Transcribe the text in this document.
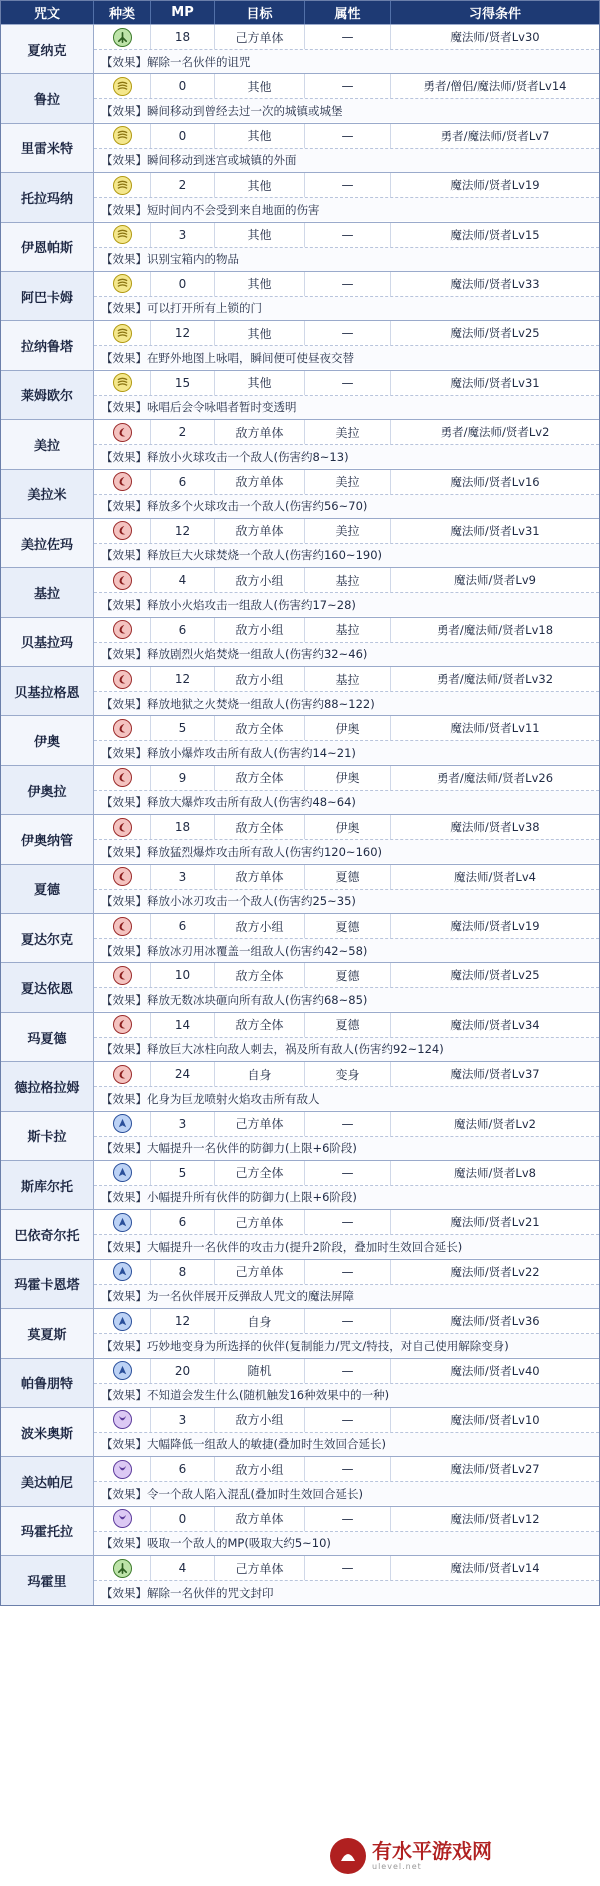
咒文	种类	MP	目标	属性	习得条件
夏纳克
18	己方单体	—	魔法师/贤者Lv30
【效果】 解除一名伙伴的诅咒
鲁拉
0	其他	—	勇者/僧侣/魔法师/贤者Lv14
【效果】 瞬间移动到曾经去过一次的城镇或城堡
里雷米特
0	其他	—	勇者/魔法师/贤者Lv7
【效果】 瞬间移动到迷宫或城镇的外面
托拉玛纳
2	其他	—	魔法师/贤者Lv19
【效果】 短时间内不会受到来自地面的伤害
伊恩帕斯
3	其他	—	魔法师/贤者Lv15
【效果】 识别宝箱内的物品
阿巴卡姆
0	其他	—	魔法师/贤者Lv33
【效果】 可以打开所有上锁的门
拉纳鲁塔
12	其他	—	魔法师/贤者Lv25
【效果】 在野外地图上咏唱，瞬间便可使昼夜交替
莱姆欧尔
15	其他	—	魔法师/贤者Lv31
【效果】 咏唱后会令咏唱者暂时变透明
美拉
2	敌方单体	美拉	勇者/魔法师/贤者Lv2
【效果】 释放小火球攻击一个敌人(伤害约8~13)
美拉米
6	敌方单体	美拉	魔法师/贤者Lv16
【效果】 释放多个火球攻击一个敌人(伤害约56~70)
美拉佐玛
12	敌方单体	美拉	魔法师/贤者Lv31
【效果】 释放巨大火球焚烧一个敌人(伤害约160~190)
基拉
4	敌方小组	基拉	魔法师/贤者Lv9
【效果】 释放小火焰攻击一组敌人(伤害约17~28)
贝基拉玛
6	敌方小组	基拉	勇者/魔法师/贤者Lv18
【效果】 释放剧烈火焰焚烧一组敌人(伤害约32~46)
贝基拉格恩
12	敌方小组	基拉	勇者/魔法师/贤者Lv32
【效果】 释放地狱之火焚烧一组敌人(伤害约88~122)
伊奥
5	敌方全体	伊奥	魔法师/贤者Lv11
【效果】 释放小爆炸攻击所有敌人(伤害约14~21)
伊奥拉
9	敌方全体	伊奥	勇者/魔法师/贤者Lv26
【效果】 释放大爆炸攻击所有敌人(伤害约48~64)
伊奥纳管
18	敌方全体	伊奥	魔法师/贤者Lv38
【效果】 释放猛烈爆炸攻击所有敌人(伤害约120~160)
夏德
3	敌方单体	夏德	魔法师/贤者Lv4
【效果】 释放小冰刃攻击一个敌人(伤害约25~35)
夏达尔克
6	敌方小组	夏德	魔法师/贤者Lv19
【效果】 释放冰刃用冰覆盖一组敌人(伤害约42~58)
夏达依恩
10	敌方全体	夏德	魔法师/贤者Lv25
【效果】 释放无数冰块砸向所有敌人(伤害约68~85)
玛夏德
14	敌方全体	夏德	魔法师/贤者Lv34
【效果】 释放巨大冰柱向敌人刺去，祸及所有敌人(伤害约92~124)
德拉格拉姆
24	自身	变身	魔法师/贤者Lv37
【效果】 化身为巨龙喷射火焰攻击所有敌人
斯卡拉
3	己方单体	—	魔法师/贤者Lv2
【效果】 大幅提升一名伙伴的防御力(上限+6阶段)
斯库尔托
5	己方全体	—	魔法师/贤者Lv8
【效果】 小幅提升所有伙伴的防御力(上限+6阶段)
巴依奇尔托
6	己方单体	—	魔法师/贤者Lv21
【效果】 大幅提升一名伙伴的攻击力(提升2阶段，叠加时生效回合延长)
玛霍卡恩塔
8	己方单体	—	魔法师/贤者Lv22
【效果】 为一名伙伴展开反弹敌人咒文的魔法屏障
莫夏斯
12	自身	—	魔法师/贤者Lv36
【效果】 巧妙地变身为所选择的伙伴(复制能力/咒文/特技，对自己使用解除变身)
帕鲁朋特
20	随机	—	魔法师/贤者Lv40
【效果】 不知道会发生什么(随机触发16种效果中的一种)
波米奥斯
3	敌方小组	—	魔法师/贤者Lv10
【效果】 大幅降低一组敌人的敏捷(叠加时生效回合延长)
美达帕尼
6	敌方小组	—	魔法师/贤者Lv27
【效果】 令一个敌人陷入混乱(叠加时生效回合延长)
玛霍托拉
0	敌方单体	—	魔法师/贤者Lv12
【效果】 吸取一个敌人的MP(吸取大约5~10)
玛霍里
4	己方单体	—	魔法师/贤者Lv14
【效果】 解除一名伙伴的咒文封印
有水平游戏网
ulevel.net
